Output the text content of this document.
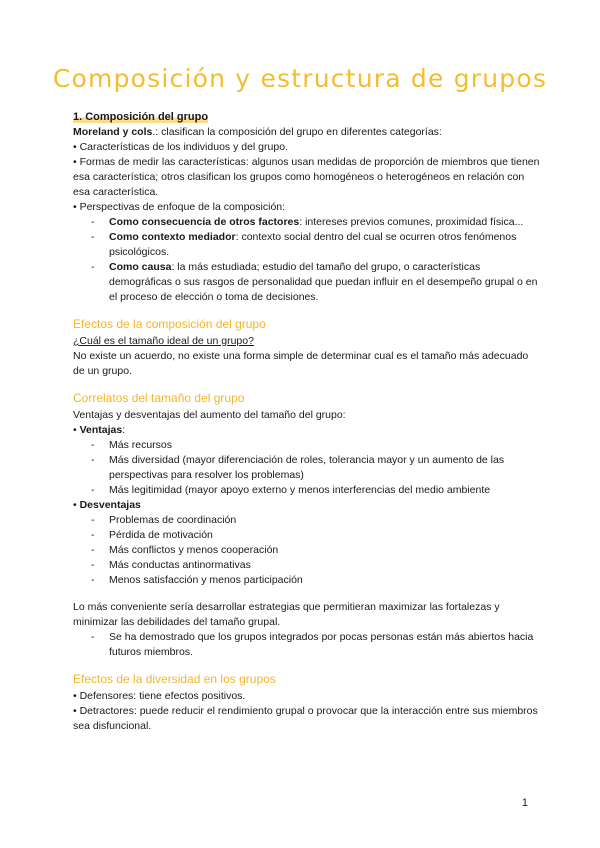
Composición y estructura de grupos

1. Composición del grupo

Moreland y cols.: clasifican la composición del grupo en diferentes categorías:

• Características de los individuos y del grupo.

• Formas de medir las características: algunos usan medidas de proporción de miembros que tienen esa característica; otros clasifican los grupos como homogéneos o heterogéneos en relación con esa característica.

• Perspectivas de enfoque de la composición:

- Como consecuencia de otros factores: intereses previos comunes, proximidad física...
- Como contexto mediador: contexto social dentro del cual se ocurren otros fenómenos psicológicos.
- Como causa: la más estudiada; estudio del tamaño del grupo, o características demográficas o sus rasgos de personalidad que puedan influir en el desempeño grupal o en el proceso de elección o toma de decisiones.

Efectos de la composición del grupo

¿Cuál es el tamaño ideal de un grupo?

No existe un acuerdo, no existe una forma simple de determinar cual es el tamaño más adecuado de un grupo.

Correlatos del tamaño del grupo

Ventajas y desventajas del aumento del tamaño del grupo:

• Ventajas:

- Más recursos
- Más diversidad (mayor diferenciación de roles, tolerancia mayor y un aumento de las perspectivas para resolver los problemas)
- Más legitimidad (mayor apoyo externo y menos interferencias del medio ambiente

• Desventajas

- Problemas de coordinación
- Pérdida de motivación
- Más conflictos y menos cooperación
- Más conductas antinormativas
- Menos satisfacción y menos participación

Lo más conveniente sería desarrollar estrategias que permitieran maximizar las fortalezas y minimizar las debilidades del tamaño grupal.

- Se ha demostrado que los grupos integrados por pocas personas están más abiertos hacia futuros miembros.

Efectos de la diversidad en los grupos

• Defensores: tiene efectos positivos.

• Detractores: puede reducir el rendimiento grupal o provocar que la interacción entre sus miembros sea disfuncional.

1
